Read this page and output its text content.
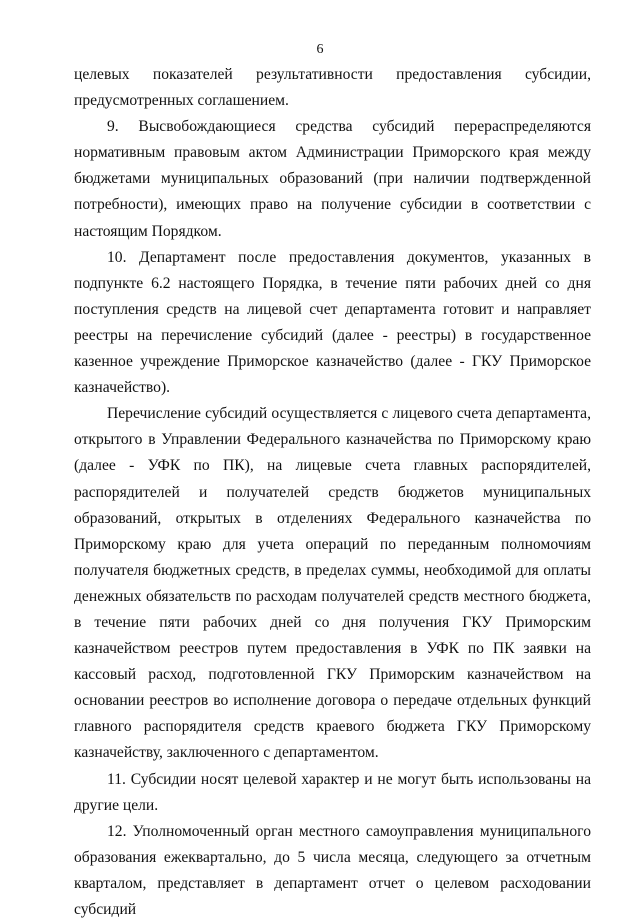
6

целевых показателей результативности предоставления субсидии, предусмотренных соглашением.

9. Высвобождающиеся средства субсидий перераспределяются нормативным правовым актом Администрации Приморского края между бюджетами муниципальных образований (при наличии подтвержденной потребности), имеющих право на получение субсидии в соответствии с настоящим Порядком.

10. Департамент после предоставления документов, указанных в подпункте 6.2 настоящего Порядка, в течение пяти рабочих дней со дня поступления средств на лицевой счет департамента готовит и направляет реестры на перечисление субсидий (далее - реестры) в государственное казенное учреждение Приморское казначейство (далее - ГКУ Приморское казначейство).

Перечисление субсидий осуществляется с лицевого счета департамента, открытого в Управлении Федерального казначейства по Приморскому краю (далее - УФК по ПК), на лицевые счета главных распорядителей, распорядителей и получателей средств бюджетов муниципальных образований, открытых в отделениях Федерального казначейства по Приморскому краю для учета операций по переданным полномочиям получателя бюджетных средств, в пределах суммы, необходимой для оплаты денежных обязательств по расходам получателей средств местного бюджета, в течение пяти рабочих дней со дня получения ГКУ Приморским казначейством реестров путем предоставления в УФК по ПК заявки на кассовый расход, подготовленной ГКУ Приморским казначейством на основании реестров во исполнение договора о передаче отдельных функций главного распорядителя средств краевого бюджета ГКУ Приморскому казначейству, заключенного с департаментом.

11. Субсидии носят целевой характер и не могут быть использованы на другие цели.

12. Уполномоченный орган местного самоуправления муниципального образования ежеквартально, до 5 числа месяца, следующего за отчетным кварталом, представляет в департамент отчет о целевом расходовании субсидий
